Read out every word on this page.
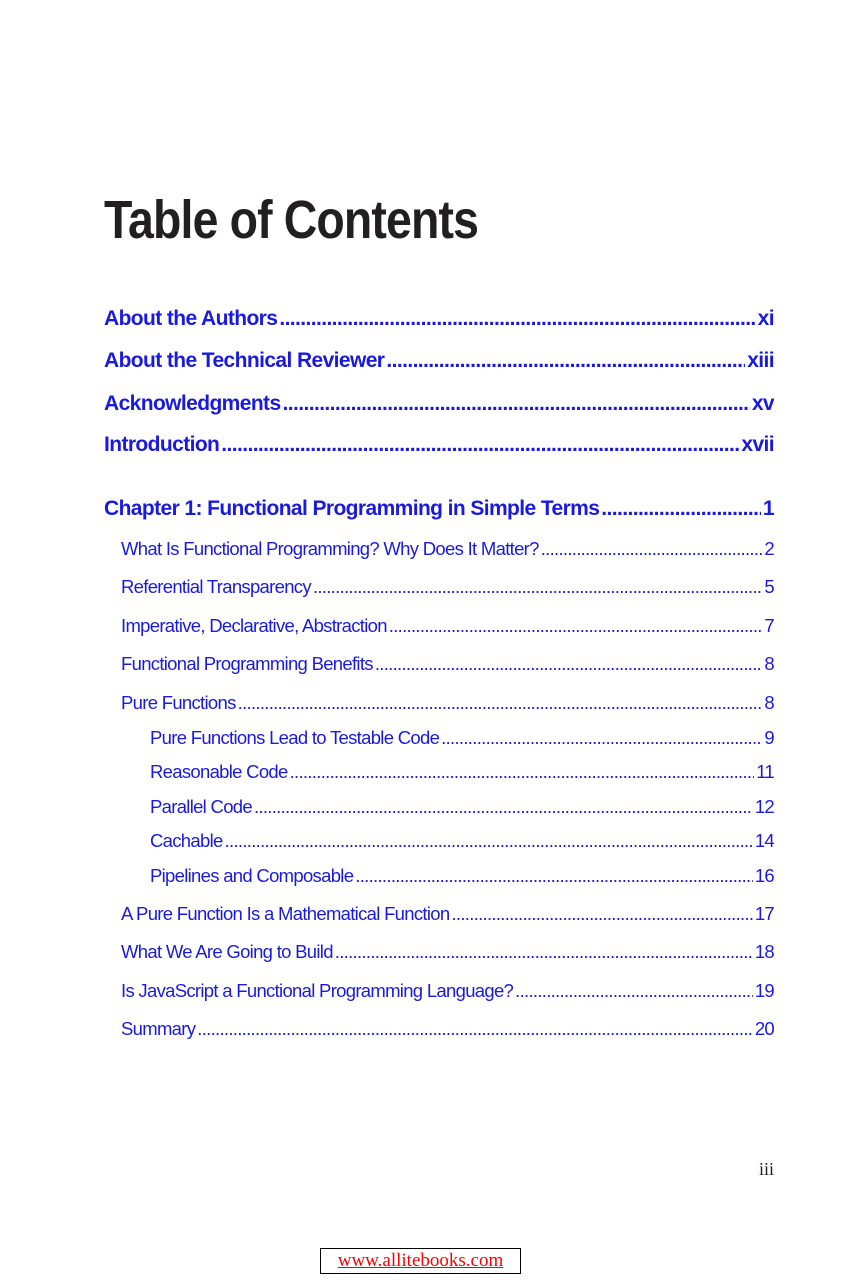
Table of Contents
About the Authors .....	xi
About the Technical Reviewer .....	xiii
Acknowledgments .....	xv
Introduction .....	xvii
Chapter 1: Functional Programming in Simple Terms .....	1
What Is Functional Programming? Why Does It Matter? .....	2
Referential Transparency .....	5
Imperative, Declarative, Abstraction .....	7
Functional Programming Benefits .....	8
Pure Functions .....	8
Pure Functions Lead to Testable Code .....	9
Reasonable Code .....	11
Parallel Code .....	12
Cachable .....	14
Pipelines and Composable .....	16
A Pure Function Is a Mathematical Function .....	17
What We Are Going to Build .....	18
Is JavaScript a Functional Programming Language? .....	19
Summary .....	20
iii
www.allitebooks.com
